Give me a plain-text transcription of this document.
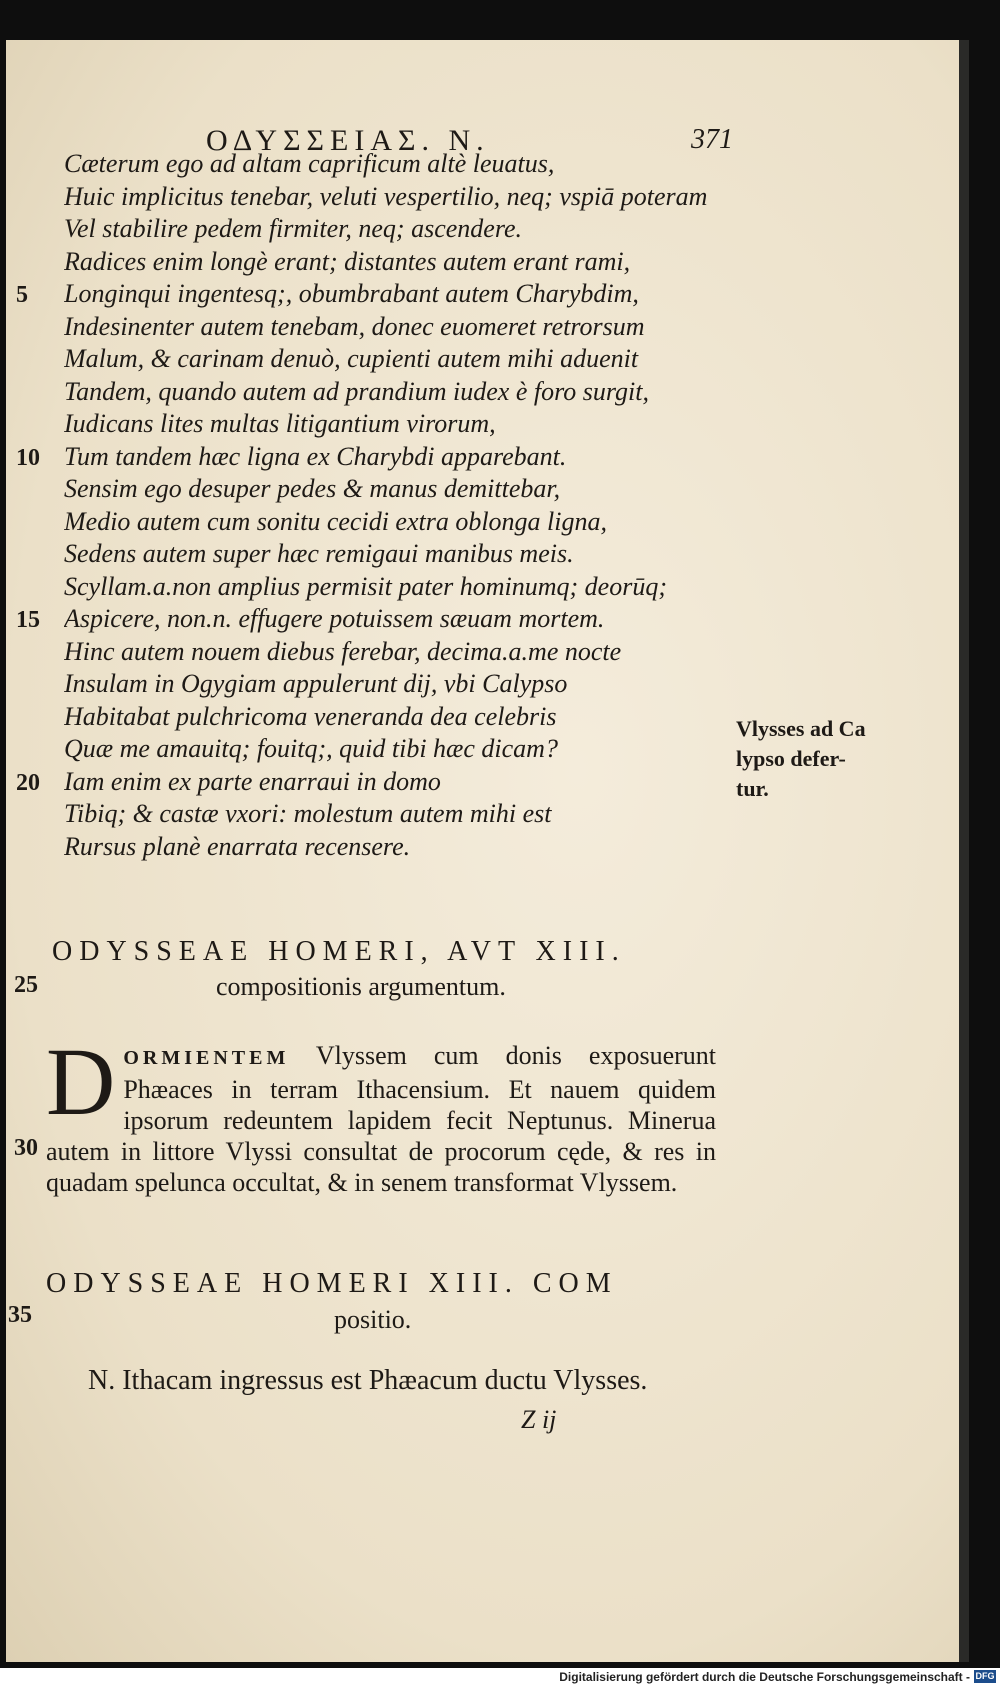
ΟΔΥΣΣΕΙΑΣ. Ν.	371
Cæterum ego ad altam caprificum altè leuatus,
Huic implicitus tenebar, veluti vespertilio, neq; vspiā poteram
Vel stabilire pedem firmiter, neq; ascendere.
Radices enim longè erant; distantes autem erant rami,
Longinqui ingentesq;, obumbrabant autem Charybdim,
Indesinenter autem tenebam, donec euomeret retrorsum
Malum, & carinam denuò, cupienti autem mihi aduenit
Tandem, quando autem ad prandium iudex è foro surgit,
Iudicans lites multas litigantium virorum,
Tum tandem hæc ligna ex Charybdi apparebant.
Sensim ego desuper pedes & manus demittebar,
Medio autem cum sonitu cecidi extra oblonga ligna,
Sedens autem super hæc remigaui manibus meis.
Scyllam.a.non amplius permisit pater hominumq; deorūq;
Aspicere, non.n. effugere potuissem sæuam mortem.
Hinc autem nouem diebus ferebar, decima.a.me nocte
Insulam in Ogygiam appulerunt dij, vbi Calypso
Habitabat pulchricoma veneranda dea celebris
Quæ me amauitq; fouitq;, quid tibi hæc dicam?
Iam enim ex parte enarraui in domo
Tibiq; & castæ vxori: molestum autem mihi est
Rursus planè enarrata recensere.
5
10
15
20
Vlysses ad Ca
lypso defer-
tur.
ODYSSEAE HOMERI, AVT XIII.
25	compositionis argumentum.
DORMIENTEM Vlyssem cum donis exposuerunt Phæaces in terram Ithacensium. Et nauem quidem ipsorum redeuntem lapidem fecit Neptunus. Minerua autem in littore Vlyssi consultat de procorum cęde, & res in quadam spelunca occultat, & in senem transformat Vlyssem.
30
ODYSSEAE HOMERI XIII. COM
35	positio.
N. Ithacam ingressus est Phæacum ductu Vlysses.
Z ij
Digitalisierung gefördert durch die Deutsche Forschungsgemeinschaft - DFG
